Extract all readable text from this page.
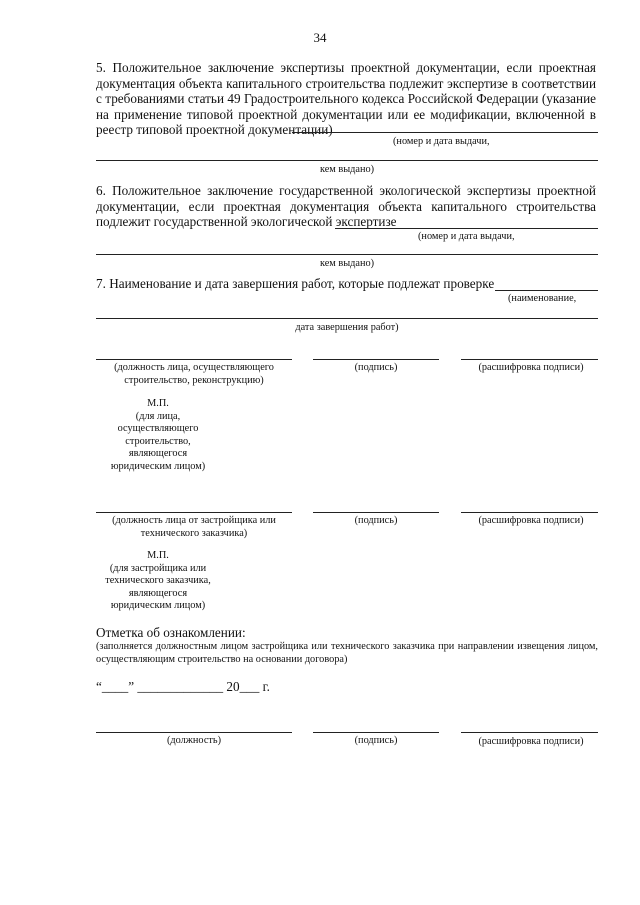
34
5. Положительное заключение экспертизы проектной документации, если проектная документация объекта капитального строительства подлежит экспертизе в соответствии с требованиями статьи 49 Градостроительного кодекса Российской Федерации (указание на применение типовой проектной документации или ее модификации, включенной в реестр типовой проектной документации)
(номер и дата выдачи,
кем выдано)
6. Положительное заключение государственной экологической экспертизы проектной документации, если проектная документация объекта капитального строительства подлежит государственной экологической экспертизе
(номер и дата выдачи,
кем выдано)
7. Наименование и дата завершения работ, которые подлежат проверке
(наименование,
дата завершения работ)
(должность лица, осуществляющего строительство, реконструкцию)
(подпись)	(расшифровка подписи)
М.П.
(для лица,
осуществляющего
строительство,
являющегося
юридическим лицом)
(должность лица от застройщика или технического заказчика)
(подпись)	(расшифровка подписи)
М.П.
(для застройщика или
технического заказчика,
являющегося
юридическим лицом)
Отметка об ознакомлении:
(заполняется должностным лицом застройщика или технического заказчика при направлении извещения лицом, осуществляющим строительство на основании договора)
“____” _____________ 20___ г.
(должность)	(подпись)	(расшифровка подписи)
